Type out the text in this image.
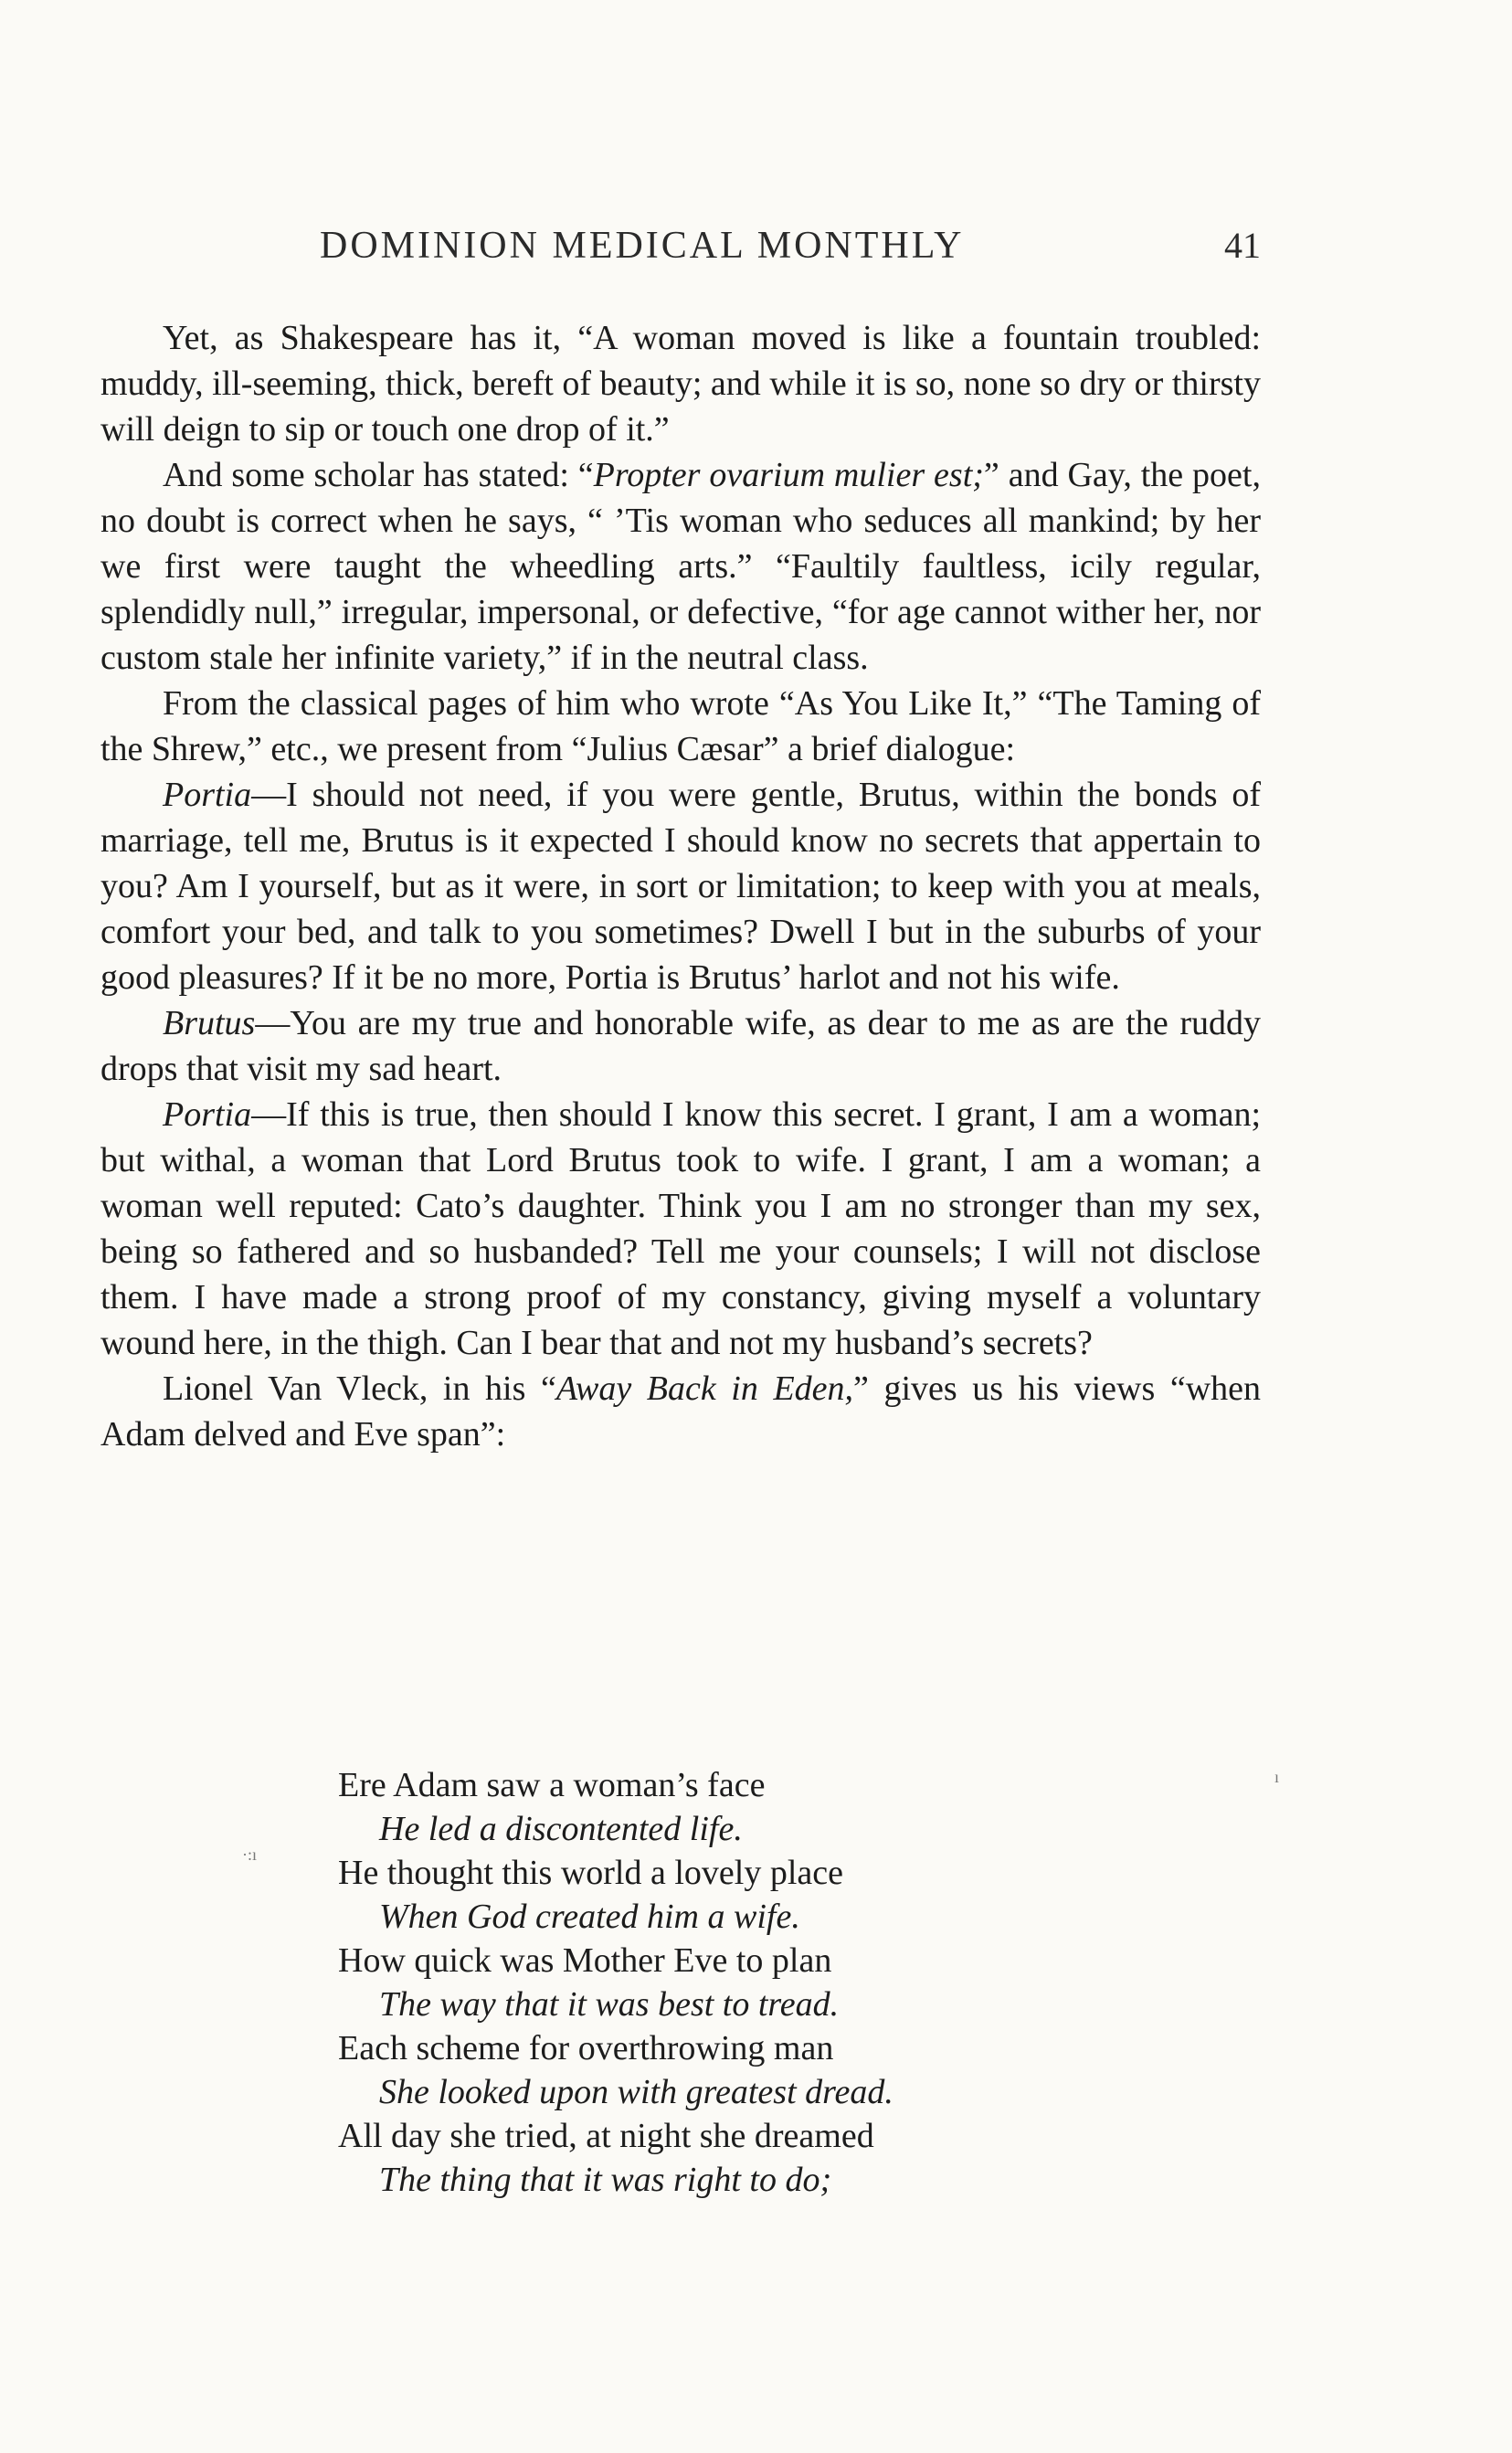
DOMINION MEDICAL MONTHLY	41

Yet, as Shakespeare has it, “A woman moved is like a fountain troubled: muddy, ill-seeming, thick, bereft of beauty; and while it is so, none so dry or thirsty will deign to sip or touch one drop of it.”

And some scholar has stated: “Propter ovarium mulier est;” and Gay, the poet, no doubt is correct when he says, “ ’Tis woman who seduces all mankind; by her we first were taught the wheedling arts.” “Faultily faultless, icily regular, splendidly null,” irregular, impersonal, or defective, “for age cannot wither her, nor custom stale her infinite variety,” if in the neutral class.

From the classical pages of him who wrote “As You Like It,” “The Taming of the Shrew,” etc., we present from “Julius Cæsar” a brief dialogue:

Portia—I should not need, if you were gentle, Brutus, within the bonds of marriage, tell me, Brutus is it expected I should know no secrets that appertain to you? Am I yourself, but as it were, in sort or limitation; to keep with you at meals, comfort your bed, and talk to you sometimes? Dwell I but in the suburbs of your good pleasures? If it be no more, Portia is Brutus’ harlot and not his wife.

Brutus—You are my true and honorable wife, as dear to me as are the ruddy drops that visit my sad heart.

Portia—If this is true, then should I know this secret. I grant, I am a woman; but withal, a woman that Lord Brutus took to wife. I grant, I am a woman; a woman well reputed: Cato’s daughter. Think you I am no stronger than my sex, being so fathered and so husbanded? Tell me your counsels; I will not disclose them. I have made a strong proof of my constancy, giving myself a voluntary wound here, in the thigh. Can I bear that and not my husband’s secrets?

Lionel Van Vleck, in his “Away Back in Eden,” gives us his views “when Adam delved and Eve span”:

Ere Adam saw a woman’s face
He led a discontented life.
He thought this world a lovely place
When God created him a wife.
How quick was Mother Eve to plan
The way that it was best to tread.
Each scheme for overthrowing man
She looked upon with greatest dread.
All day she tried, at night she dreamed
The thing that it was right to do;
ı
·:ı
